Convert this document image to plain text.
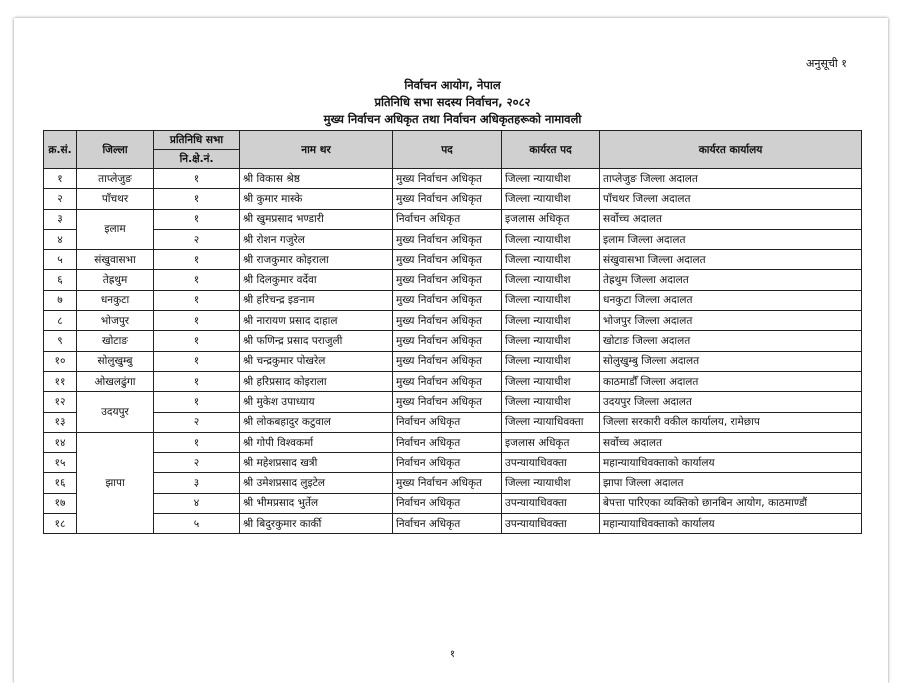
अनुसूची १
निर्वाचन आयोग, नेपाल
प्रतिनिधि सभा सदस्य निर्वाचन, २०८२
मुख्य निर्वाचन अधिकृत तथा निर्वाचन अधिकृतहरूको नामावली
क्र.सं.	जिल्ला	प्रतिनिधि सभा	नाम थर	पद	कार्यरत पद	कार्यरत कार्यालय
		नि.क्षे.नं.				
१	ताप्लेजुङ	१	श्री विकास श्रेष्ठ	मुख्य निर्वाचन अधिकृत	जिल्ला न्यायाधीश	ताप्लेजुङ जिल्ला अदालत
२	पाँचथर	१	श्री कुमार मास्के	मुख्य निर्वाचन अधिकृत	जिल्ला न्यायाधीश	पाँचथर जिल्ला अदालत
३	इलाम	१	श्री खुमप्रसाद भण्डारी	निर्वाचन अधिकृत	इजलास अधिकृत	सर्वोच्च अदालत
४		२	श्री रोशन गजुरेल	मुख्य निर्वाचन अधिकृत	जिल्ला न्यायाधीश	इलाम जिल्ला अदालत
५	संखुवासभा	१	श्री राजकुमार कोइराला	मुख्य निर्वाचन अधिकृत	जिल्ला न्यायाधीश	संखुवासभा जिल्ला अदालत
६	तेह्रथुम	१	श्री दिलकुमार वर्देवा	मुख्य निर्वाचन अधिकृत	जिल्ला न्यायाधीश	तेह्रथुम जिल्ला अदालत
७	धनकुटा	१	श्री हरिचन्द्र इङनाम	मुख्य निर्वाचन अधिकृत	जिल्ला न्यायाधीश	धनकुटा जिल्ला अदालत
८	भोजपुर	१	श्री नारायण प्रसाद दाहाल	मुख्य निर्वाचन अधिकृत	जिल्ला न्यायाधीश	भोजपुर जिल्ला अदालत
९	खोटाङ	१	श्री फणिन्द्र प्रसाद पराजुली	मुख्य निर्वाचन अधिकृत	जिल्ला न्यायाधीश	खोटाङ जिल्ला अदालत
१०	सोलुखुम्बु	१	श्री चन्द्रकुमार पोखरेल	मुख्य निर्वाचन अधिकृत	जिल्ला न्यायाधीश	सोलुखुम्बु जिल्ला अदालत
११	ओखलढुंगा	१	श्री हरिप्रसाद कोइराला	मुख्य निर्वाचन अधिकृत	जिल्ला न्यायाधीश	काठमाडौँ जिल्ला अदालत
१२	उदयपुर	१	श्री मुकेश उपाध्याय	मुख्य निर्वाचन अधिकृत	जिल्ला न्यायाधीश	उदयपुर जिल्ला अदालत
१३		२	श्री लोकबहादुर कटुवाल	निर्वाचन अधिकृत	जिल्ला न्यायाधिवक्ता	जिल्ला सरकारी वकील कार्यालय, रामेछाप
१४	झापा	१	श्री गोपी विश्वकर्मा	निर्वाचन अधिकृत	इजलास अधिकृत	सर्वोच्च अदालत
१५		२	श्री महेशप्रसाद खत्री	निर्वाचन अधिकृत	उपन्यायाधिवक्ता	महान्यायाधिवक्ताको कार्यालय
१६		३	श्री उमेशप्रसाद लुइटेल	मुख्य निर्वाचन अधिकृत	जिल्ला न्यायाधीश	झापा जिल्ला अदालत
१७		४	श्री भीमप्रसाद भुर्तेल	निर्वाचन अधिकृत	उपन्यायाधिवक्ता	बेपत्ता पारिएका व्यक्तिको छानबिन आयोग, काठमाण्डौं
१८		५	श्री बिदुरकुमार कार्की	निर्वाचन अधिकृत	उपन्यायाधिवक्ता	महान्यायाधिवक्ताको कार्यालय
१
